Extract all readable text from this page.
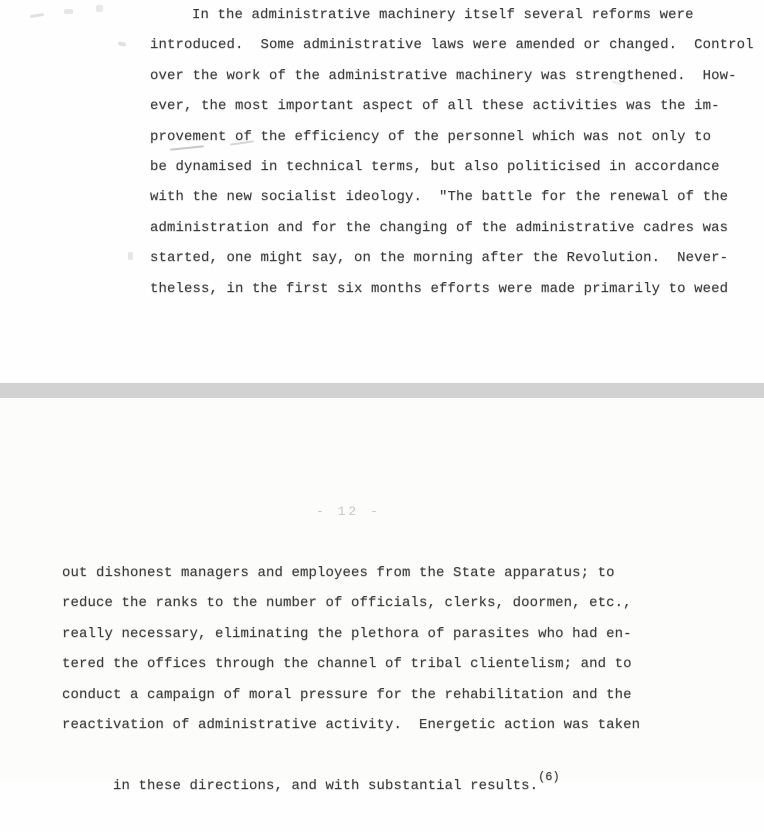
In the administrative machinery itself several reforms were
introduced.  Some administrative laws were amended or changed.  Control
over the work of the administrative machinery was strengthened.  How-
ever, the most important aspect of all these activities was the im-
provement of the efficiency of the personnel which was not only to
be dynamised in technical terms, but also politicised in accordance
with the new socialist ideology.  "The battle for the renewal of the
administration and for the changing of the administrative cadres was
started, one might say, on the morning after the Revolution.  Never-
theless, in the first six months efforts were made primarily to weed
- 12 -
out dishonest managers and employees from the State apparatus; to
reduce the ranks to the number of officials, clerks, doormen, etc.,
really necessary, eliminating the plethora of parasites who had en-
tered the offices through the channel of tribal clientelism; and to
conduct a campaign of moral pressure for the rehabilitation and the
reactivation of administrative activity.  Energetic action was taken

in these directions, and with substantial results.(6)
